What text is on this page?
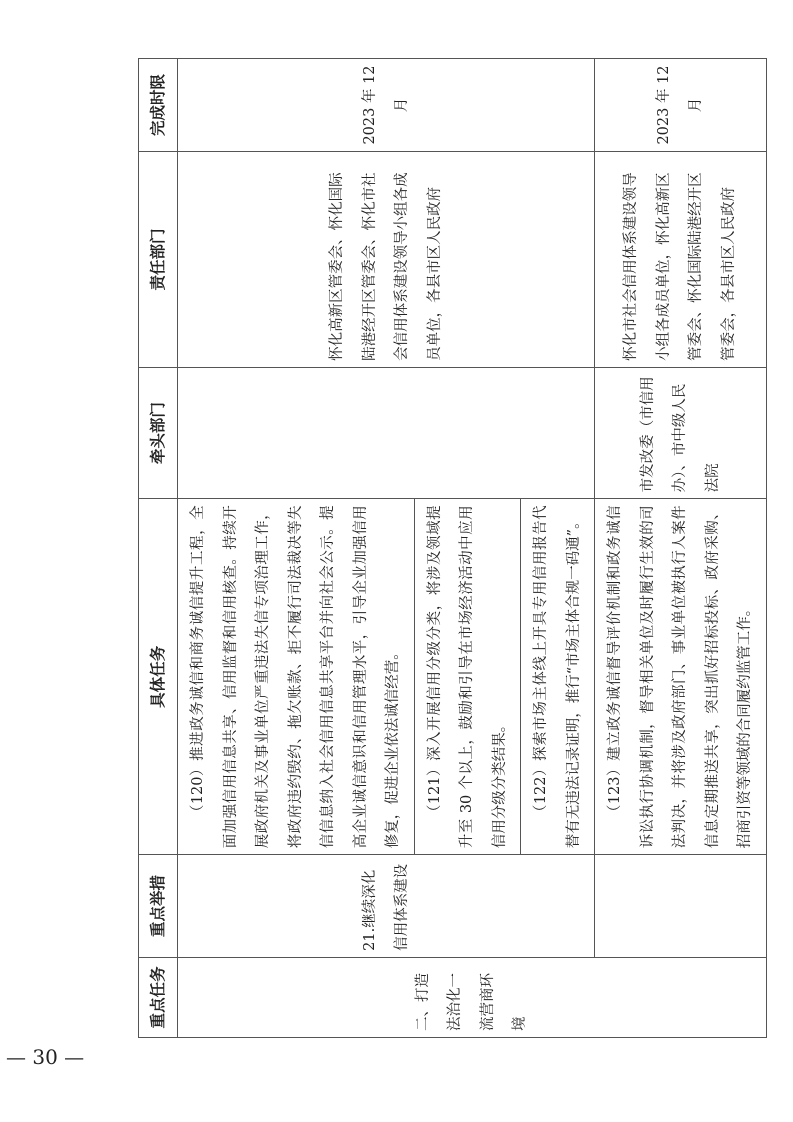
— 30 —
重点任务	重点举措	具体任务	牵头部门	责任部门	完成时限
二、打造法治化一流营商环境	21.继续深化信用体系建设	（120）推进政务诚信和商务诚信提升工程，全面加强信用信息共享、信用监督和信用核查。持续开展政府机关及事业单位严重违法失信专项治理工作，将政府违约毁约、拖欠账款、拒不履行司法裁决等失信信息纳入社会信用信息共享平台并向社会公示。提高企业诚信意识和信用管理水平，引导企业加强信用修复，促进企业依法诚信经营。		怀化高新区管委会、怀化国际陆港经开区管委会、怀化市社会信用体系建设领导小组各成员单位，各县市区人民政府	2023 年 12 月
		（121）深入开展信用分级分类，将涉及领域提升至 30 个以上，鼓励和引导在市场经济活动中应用信用分级分类结果。			
		（122）探索市场主体线上开具专用信用报告代替有无违法记录证明，推行“市场主体合规一码通”。			
		（123）建立政务诚信督导评价机制和政务诚信诉讼执行协调机制，督导相关单位及时履行生效的司法判决，并将涉及政府部门、事业单位被执行人案件信息定期推送共享，突出抓好招标投标、政府采购、招商引资等领域的合同履约监管工作。	市发改委（市信用办）、市中级人民法院	怀化市社会信用体系建设领导小组各成员单位，怀化高新区管委会、怀化国际陆港经开区管委会，各县市区人民政府	2023 年 12 月
